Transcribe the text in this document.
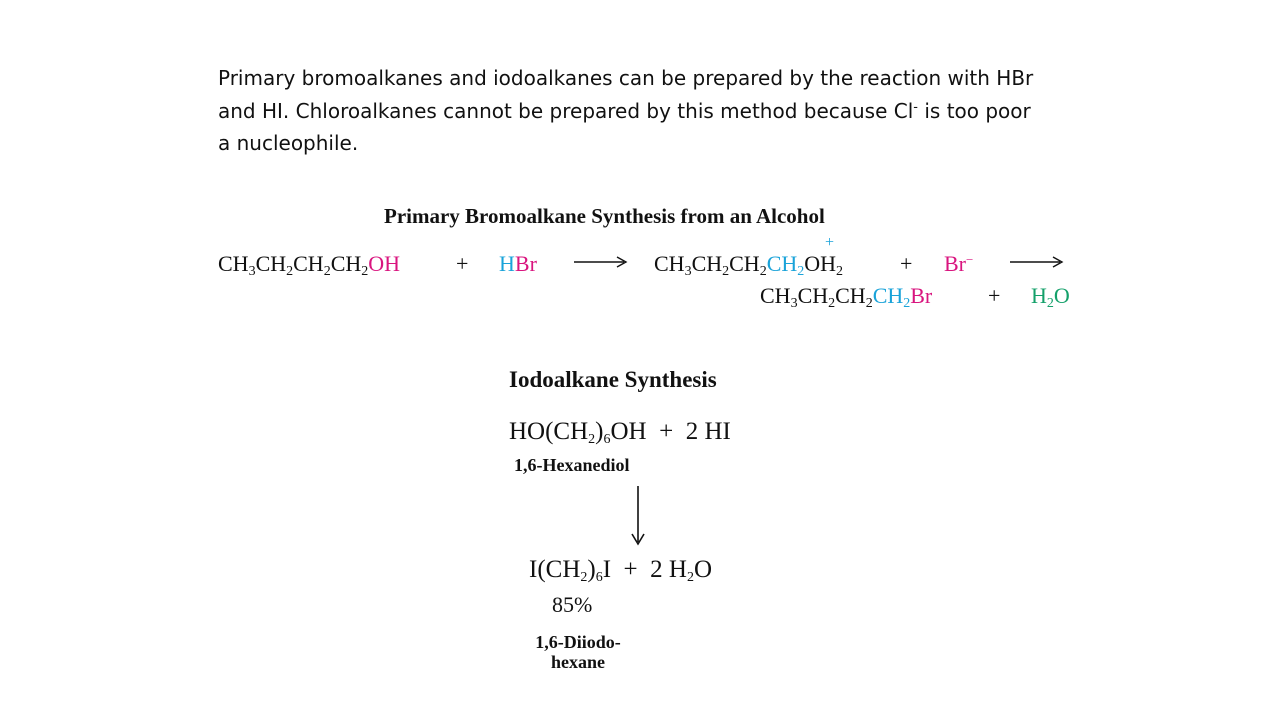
Primary bromoalkanes and iodoalkanes can be prepared by the reaction with HBr
and HI. Chloroalkanes cannot be prepared by this method because Cl- is too poor
a nucleophile.
Primary Bromoalkane Synthesis from an Alcohol
$CH_3CH_2CH_2CH_2OH$	+ HBr → $CH_3CH_2CH_2CH_2OH_2$
+
+ Br−
$CH_3CH_2CH_2CH_2Br$	+ $H_2O$
Iodoalkane Synthesis
$HO(CH_2)_6OH + 2$ HI
1,6-Hexanediol
$I(CH_2)_6I + 2$ $H_2O$
85%
1,6-Diiodo-
hexane
